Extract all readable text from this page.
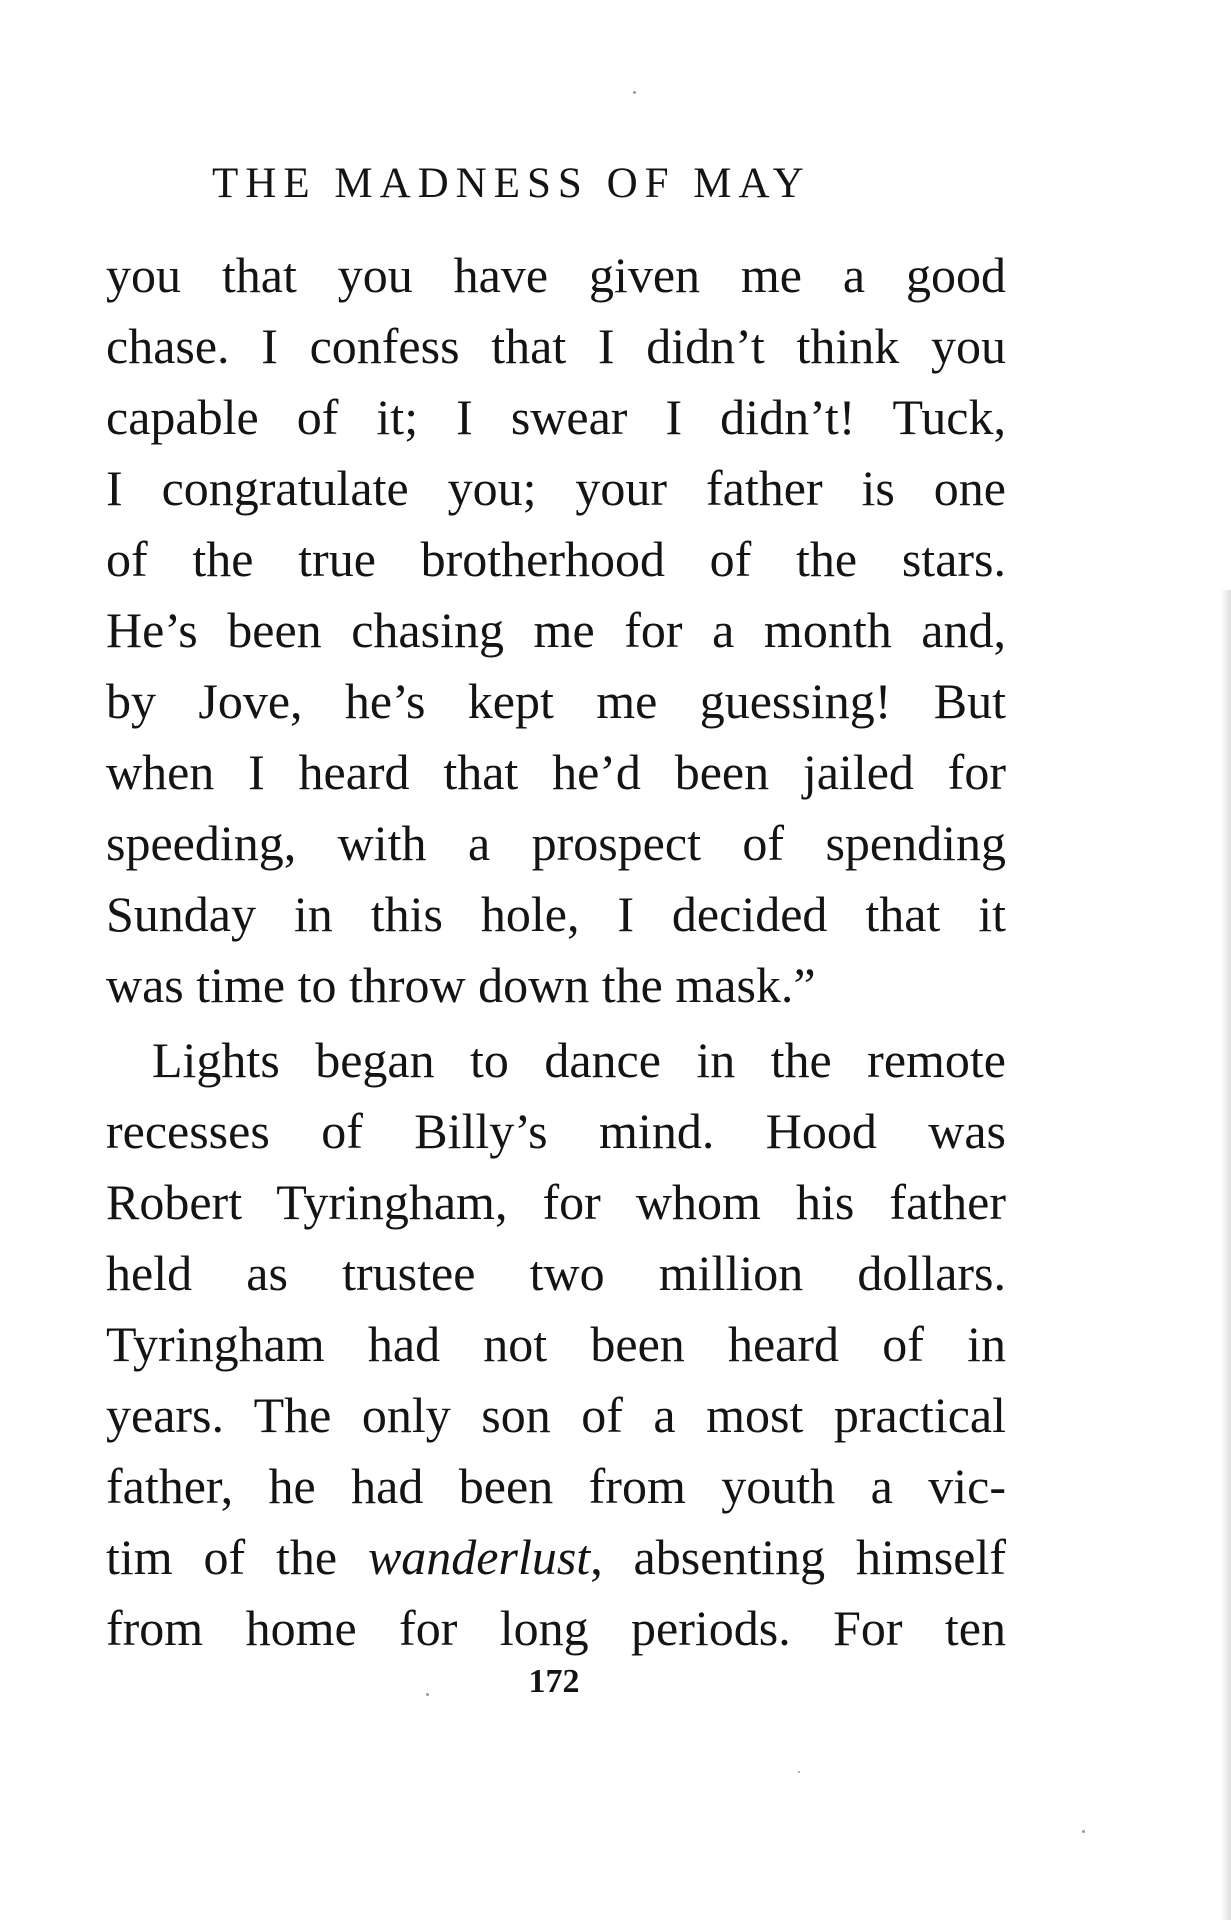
THE MADNESS OF MAY
you that you have given me a good
chase. I confess that I didn’t think you
capable of it; I swear I didn’t! Tuck,
I congratulate you; your father is one
of the true brotherhood of the stars.
He’s been chasing me for a month and,
by Jove, he’s kept me guessing! But
when I heard that he’d been jailed for
speeding, with a prospect of spending
Sunday in this hole, I decided that it
was time to throw down the mask.”
Lights began to dance in the remote
recesses of Billy’s mind. Hood was
Robert Tyringham, for whom his father
held as trustee two million dollars.
Tyringham had not been heard of in
years. The only son of a most practical
father, he had been from youth a vic-
tim of the wanderlust, absenting himself
from home for long periods. For ten
172
